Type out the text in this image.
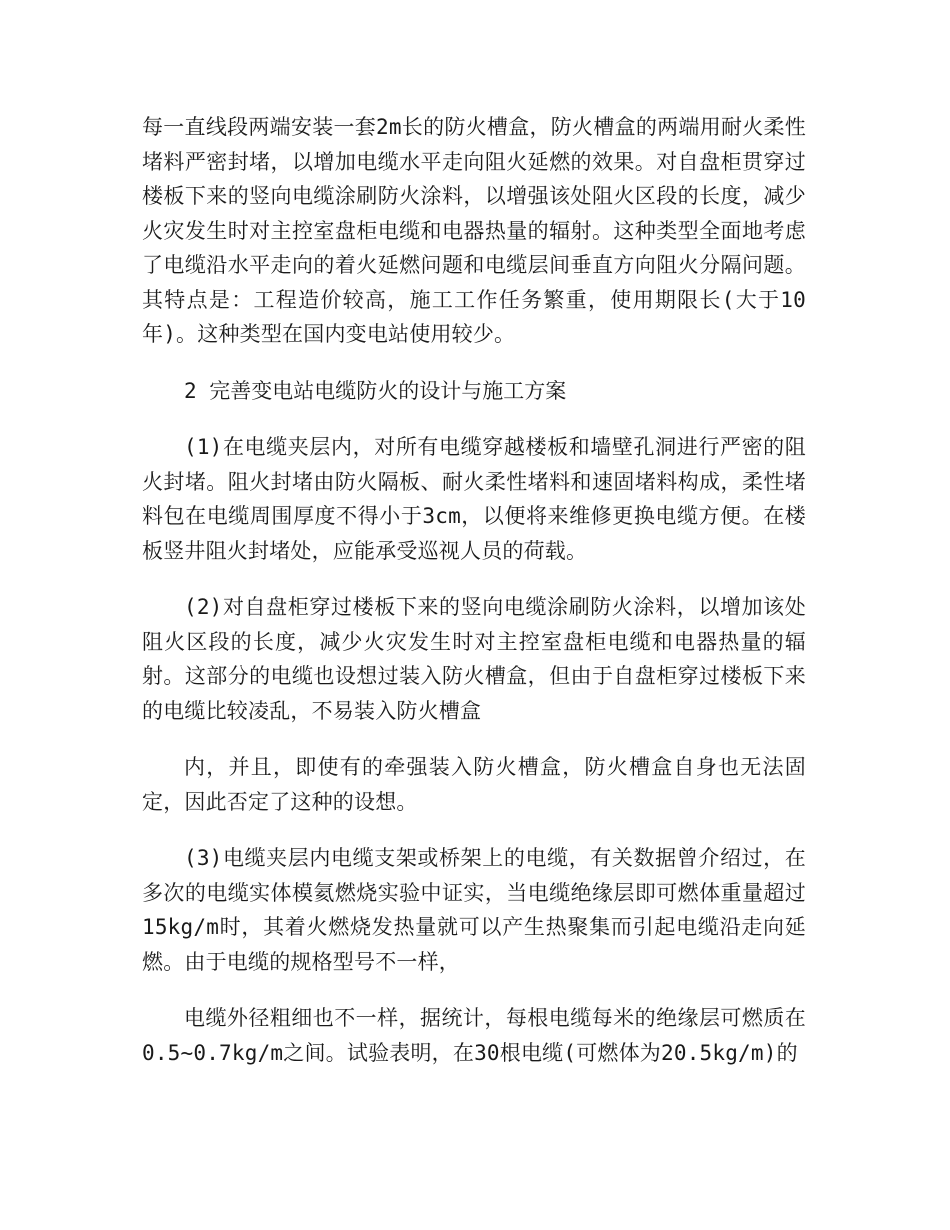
每一直线段两端安装一套2m长的防火槽盒，防火槽盒的两端用耐火柔性堵料严密封堵，以增加电缆水平走向阻火延燃的效果。对自盘柜贯穿过楼板下来的竖向电缆涂刷防火涂料，以增强该处阻火区段的长度，减少火灾发生时对主控室盘柜电缆和电器热量的辐射。这种类型全面地考虑了电缆沿水平走向的着火延燃问题和电缆层间垂直方向阻火分隔问题。其特点是：工程造价较高，施工工作任务繁重，使用期限长(大于10年)。这种类型在国内变电站使用较少。

2 完善变电站电缆防火的设计与施工方案

(1)在电缆夹层内，对所有电缆穿越楼板和墙壁孔洞进行严密的阻火封堵。阻火封堵由防火隔板、耐火柔性堵料和速固堵料构成，柔性堵料包在电缆周围厚度不得小于3cm，以便将来维修更换电缆方便。在楼板竖井阻火封堵处，应能承受巡视人员的荷载。

(2)对自盘柜穿过楼板下来的竖向电缆涂刷防火涂料，以增加该处阻火区段的长度，减少火灾发生时对主控室盘柜电缆和电器热量的辐射。这部分的电缆也设想过装入防火槽盒，但由于自盘柜穿过楼板下来的电缆比较凌乱，不易装入防火槽盒

内，并且，即使有的牵强装入防火槽盒，防火槽盒自身也无法固定，因此否定了这种的设想。

(3)电缆夹层内电缆支架或桥架上的电缆，有关数据曾介绍过，在多次的电缆实体模氦燃烧实验中证实，当电缆绝缘层即可燃体重量超过15kg/m时，其着火燃烧发热量就可以产生热聚集而引起电缆沿走向延燃。由于电缆的规格型号不一样，

电缆外径粗细也不一样，据统计，每根电缆每米的绝缘层可燃质在0.5~0.7kg/m之间。试验表明，在30根电缆(可燃体为20.5kg/m)的
